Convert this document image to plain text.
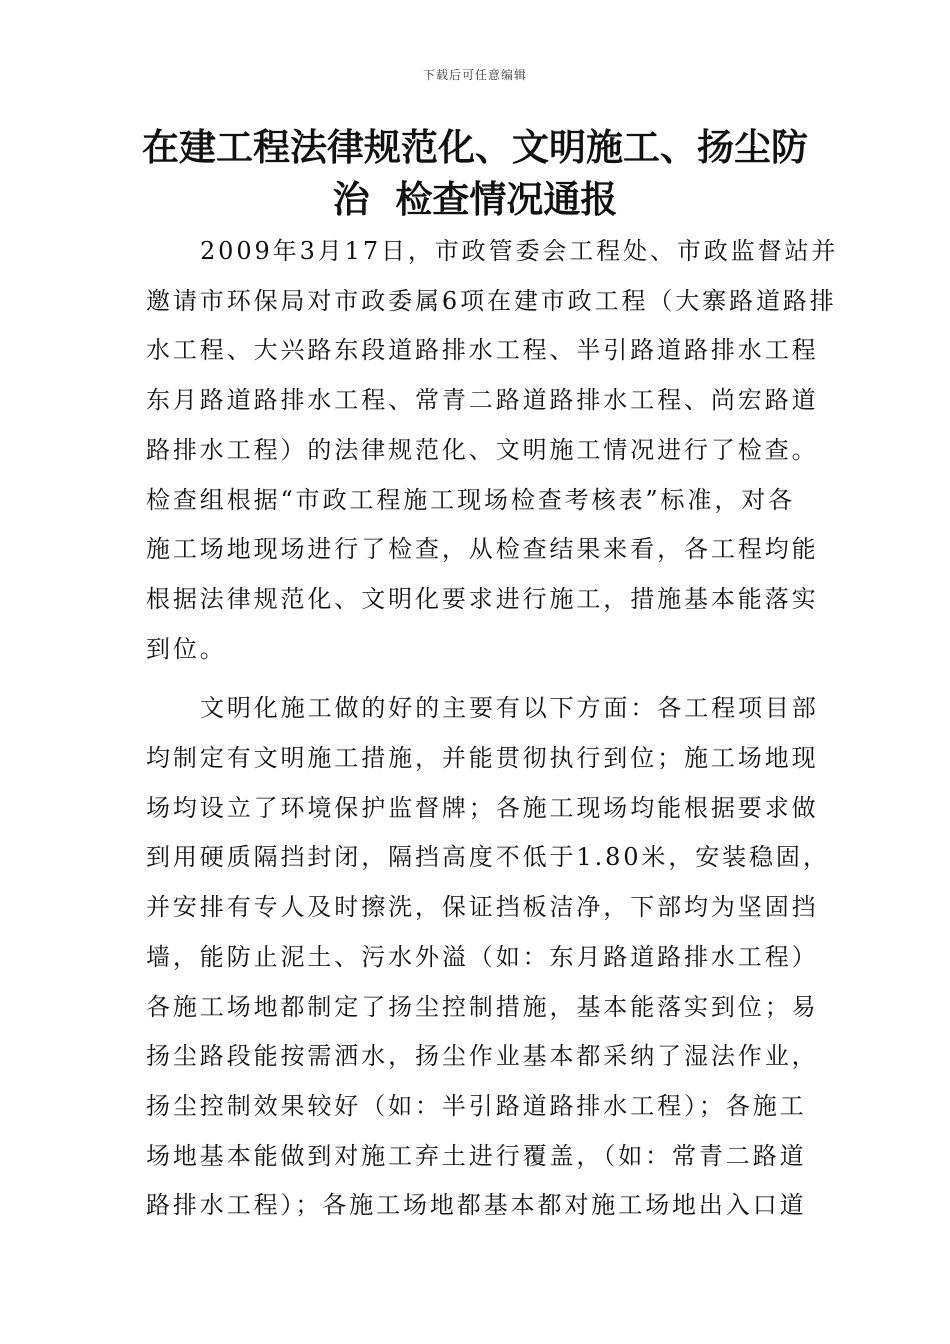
下载后可任意编辑
在建工程法律规范化、文明施工、扬尘防
治  检查情况通报
2009年3月17日，市政管委会工程处、市政监督站并
邀请市环保局对市政委属6项在建市政工程（大寨路道路排
水工程、大兴路东段道路排水工程、半引路道路排水工程
东月路道路排水工程、常青二路道路排水工程、尚宏路道
路排水工程）的法律规范化、文明施工情况进行了检查。
检查组根据“市政工程施工现场检查考核表”标准，对各
施工场地现场进行了检查，从检查结果来看，各工程均能
根据法律规范化、文明化要求进行施工，措施基本能落实
到位。
文明化施工做的好的主要有以下方面：各工程项目部
均制定有文明施工措施，并能贯彻执行到位；施工场地现
场均设立了环境保护监督牌；各施工现场均能根据要求做
到用硬质隔挡封闭，隔挡高度不低于1.80米，安装稳固，
并安排有专人及时擦洗，保证挡板洁净，下部均为坚固挡
墙，能防止泥土、污水外溢（如：东月路道路排水工程）
各施工场地都制定了扬尘控制措施，基本能落实到位；易
扬尘路段能按需洒水，扬尘作业基本都采纳了湿法作业，
扬尘控制效果较好（如：半引路道路排水工程）；各施工
场地基本能做到对施工弃土进行覆盖，（如：常青二路道
路排水工程）；各施工场地都基本都对施工场地出入口道
